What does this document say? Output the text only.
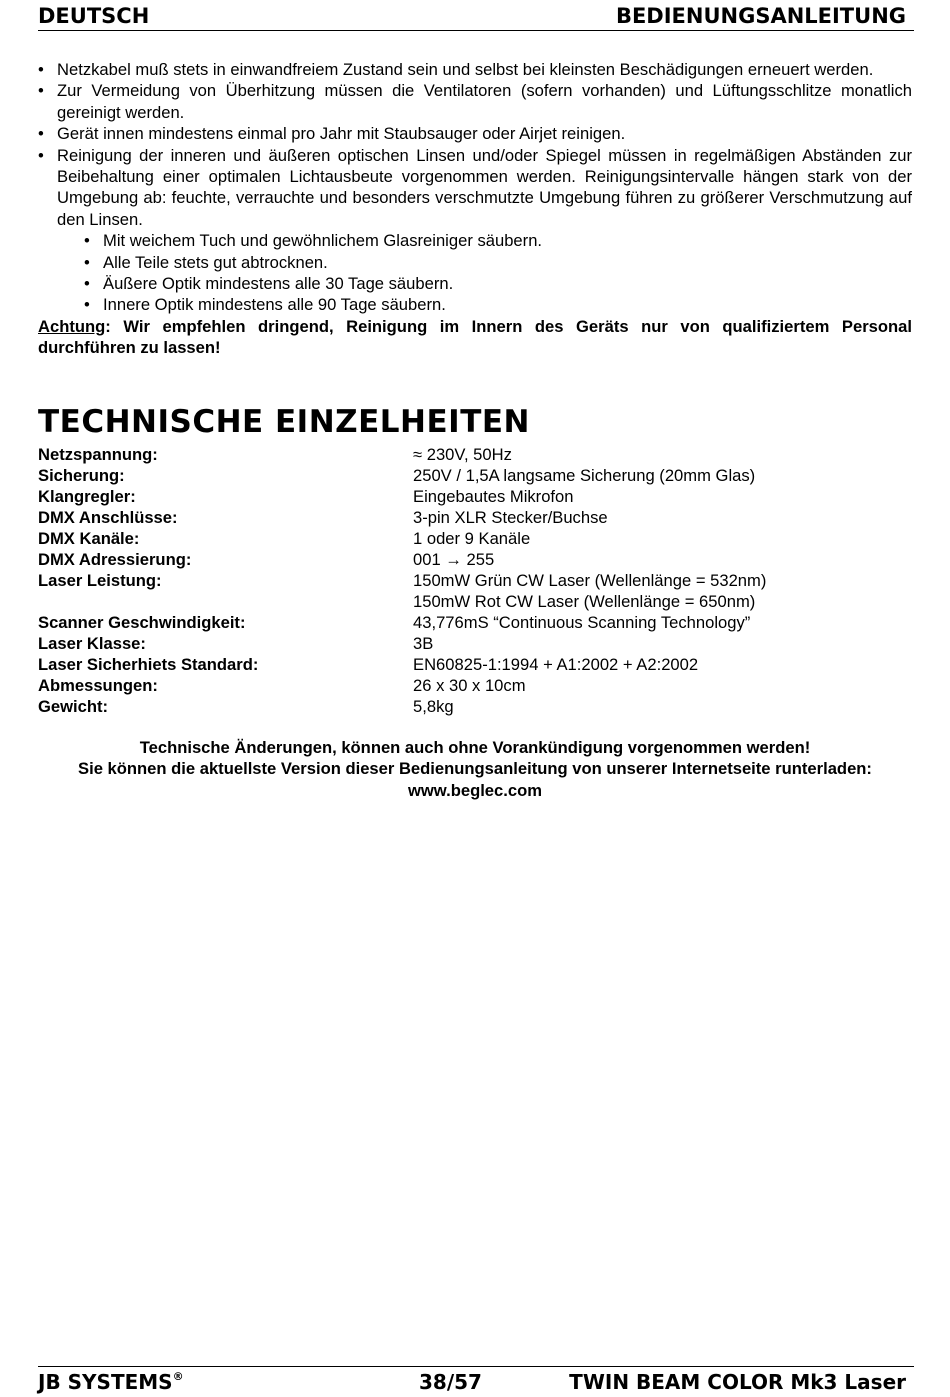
DEUTSCH	BEDIENUNGSANLEITUNG
• Netzkabel muß stets in einwandfreiem Zustand sein und selbst bei kleinsten Beschädigungen erneuert werden.
• Zur Vermeidung von Überhitzung müssen die Ventilatoren (sofern vorhanden) und Lüftungsschlitze monatlich gereinigt werden.
• Gerät innen mindestens einmal pro Jahr mit Staubsauger oder Airjet reinigen.
• Reinigung der inneren und äußeren optischen Linsen und/oder Spiegel müssen in regelmäßigen Abständen zur Beibehaltung einer optimalen Lichtausbeute vorgenommen werden. Reinigungsintervalle hängen stark von der Umgebung ab: feuchte, verrauchte und besonders verschmutzte Umgebung führen zu größerer Verschmutzung auf den Linsen.
• Mit weichem Tuch und gewöhnlichem Glasreiniger säubern.
• Alle Teile stets gut abtrocknen.
• Äußere Optik mindestens alle 30 Tage säubern.
• Innere Optik mindestens alle 90 Tage säubern.

Achtung: Wir empfehlen dringend, Reinigung im Innern des Geräts nur von qualifiziertem Personal durchführen zu lassen!

TECHNISCHE EINZELHEITEN
Netzspannung:	≈ 230V, 50Hz
Sicherung:	250V / 1,5A langsame Sicherung (20mm Glas)
Klangregler:	Eingebautes Mikrofon
DMX Anschlüsse:	3-pin XLR Stecker/Buchse
DMX Kanäle:	1 oder 9 Kanäle
DMX Adressierung:	001 → 255
Laser Leistung:	150mW Grün CW Laser (Wellenlänge = 532nm)
150mW Rot CW Laser (Wellenlänge = 650nm)
Scanner Geschwindigkeit:	43,776mS “Continuous Scanning Technology”
Laser Klasse:	3B
Laser Sicherhiets Standard:	EN60825-1:1994 + A1:2002 + A2:2002
Abmessungen:	26 x 30 x 10cm
Gewicht:	5,8kg
Technische Änderungen, können auch ohne Vorankündigung vorgenommen werden!
Sie können die aktuellste Version dieser Bedienungsanleitung von unserer Internetseite runterladen:
www.beglec.com
JB SYSTEMS®	38/57	TWIN BEAM COLOR Mk3 Laser
